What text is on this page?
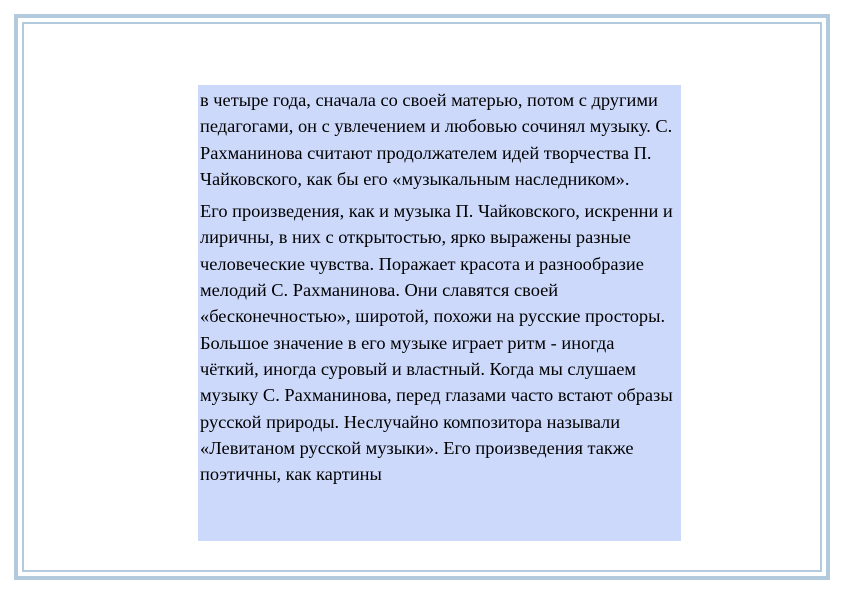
в четыре года, сначала со своей матерью, потом с другими педагогами, он с увлечением и любовью сочинял музыку. С. Рахманинова считают продолжателем идей творчества П. Чайковского, как бы его «музыкальным наследником».

Его произведения, как и музыка П. Чайковского, искренни и лиричны, в них с открытостью, ярко выражены разные человеческие чувства. Поражает красота и разнообразие мелодий С. Рахманинова. Они славятся своей «бесконечностью», широтой, похожи на русские просторы. Большое значение в его музыке играет ритм - иногда чёткий, иногда суровый и властный. Когда мы слушаем музыку С. Рахманинова, перед глазами часто встают образы русской природы. Неслучайно композитора называли «Левитаном русской музыки». Его произведения также поэтичны, как картины
